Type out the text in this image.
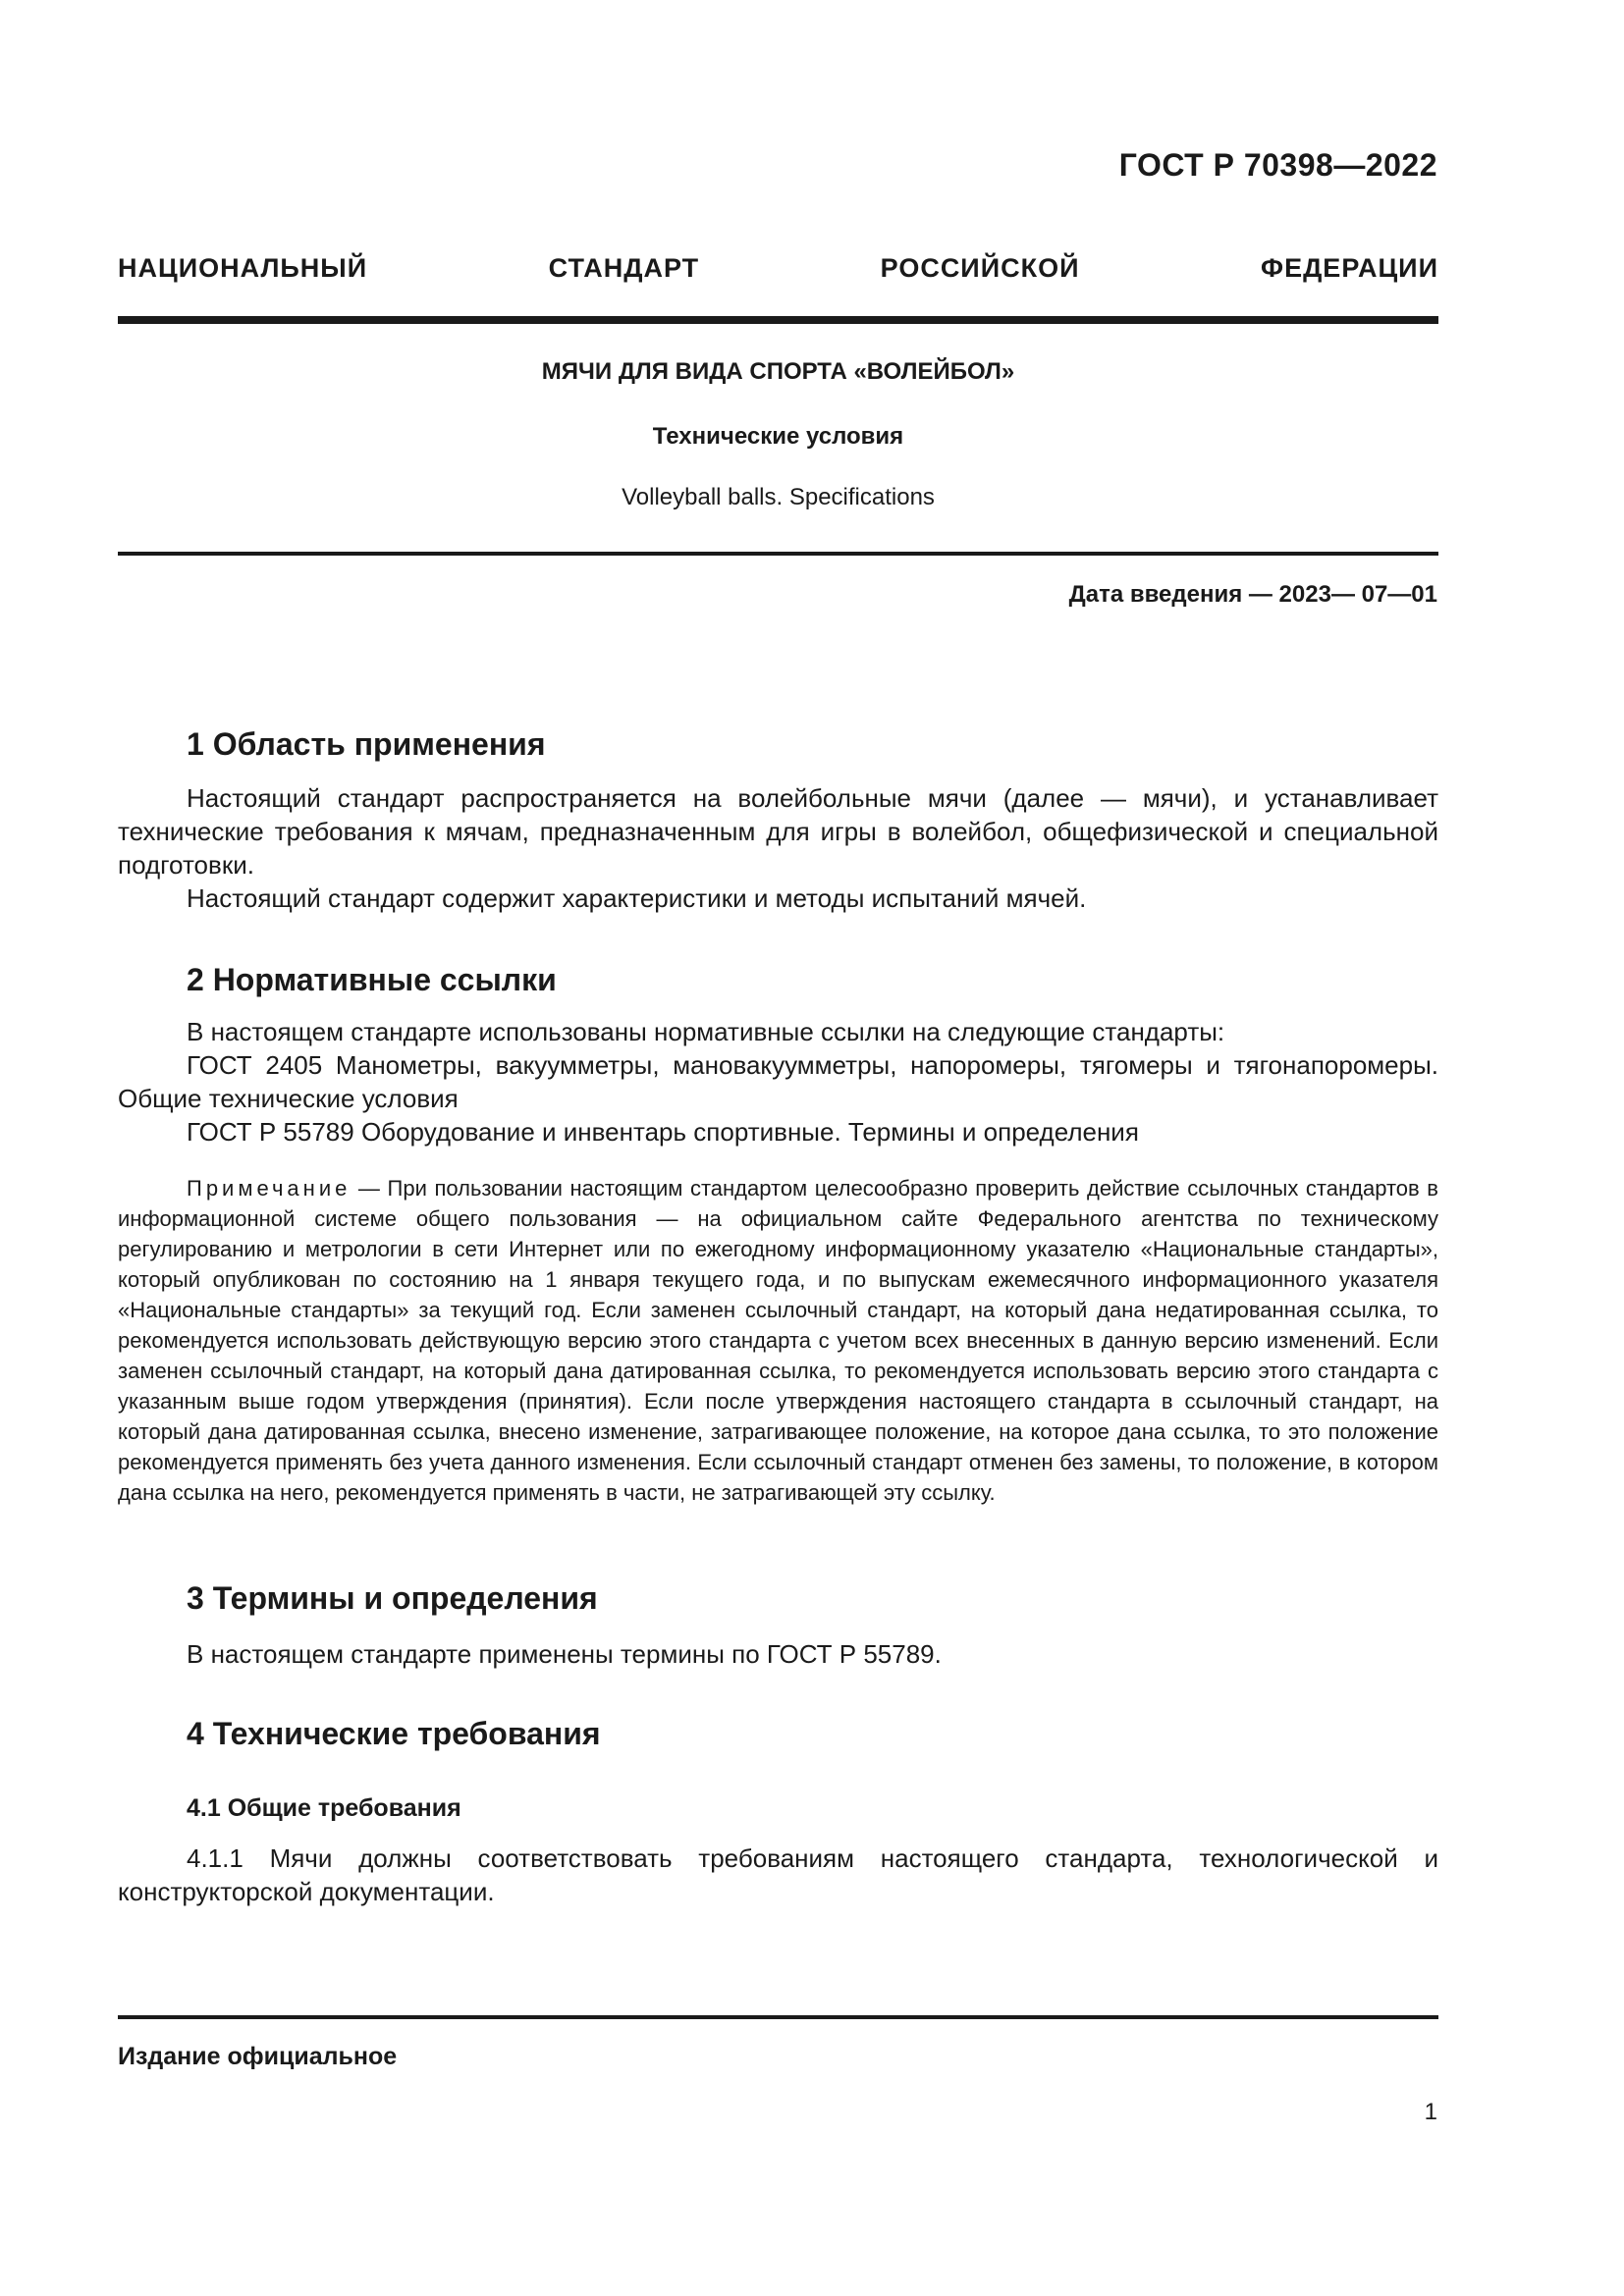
ГОСТ Р 70398—2022
НАЦИОНАЛЬНЫЙ СТАНДАРТ РОССИЙСКОЙ ФЕДЕРАЦИИ
МЯЧИ ДЛЯ ВИДА СПОРТА «ВОЛЕЙБОЛ»
Технические условия
Volleyball balls. Specifications
Дата введения — 2023— 07—01
1 Область применения

Настоящий стандарт распространяется на волейбольные мячи (далее — мячи), и устанавливает технические требования к мячам, предназначенным для игры в волейбол, общефизической и специальной подготовки.

Настоящий стандарт содержит характеристики и методы испытаний мячей.

2 Нормативные ссылки

В настоящем стандарте использованы нормативные ссылки на следующие стандарты:

ГОСТ 2405 Манометры, вакуумметры, мановакуумметры, напоромеры, тягомеры и тягонапоромеры. Общие технические условия

ГОСТ Р 55789 Оборудование и инвентарь спортивные. Термины и определения

Примечание — При пользовании настоящим стандартом целесообразно проверить действие ссылочных стандартов в информационной системе общего пользования — на официальном сайте Федерального агентства по техническому регулированию и метрологии в сети Интернет или по ежегодному информационному указателю «Национальные стандарты», который опубликован по состоянию на 1 января текущего года, и по выпускам ежемесячного информационного указателя «Национальные стандарты» за текущий год. Если заменен ссылочный стандарт, на который дана недатированная ссылка, то рекомендуется использовать действующую версию этого стандарта с учетом всех внесенных в данную версию изменений. Если заменен ссылочный стандарт, на который дана датированная ссылка, то рекомендуется использовать версию этого стандарта с указанным выше годом утверждения (принятия). Если после утверждения настоящего стандарта в ссылочный стандарт, на который дана датированная ссылка, внесено изменение, затрагивающее положение, на которое дана ссылка, то это положение рекомендуется применять без учета данного изменения. Если ссылочный стандарт отменен без замены, то положение, в котором дана ссылка на него, рекомендуется применять в части, не затрагивающей эту ссылку.

3 Термины и определения

В настоящем стандарте применены термины по ГОСТ Р 55789.

4 Технические требования
4.1 Общие требования

4.1.1 Мячи должны соответствовать требованиям настоящего стандарта, технологической и конструкторской документации.

Издание официальное
1
